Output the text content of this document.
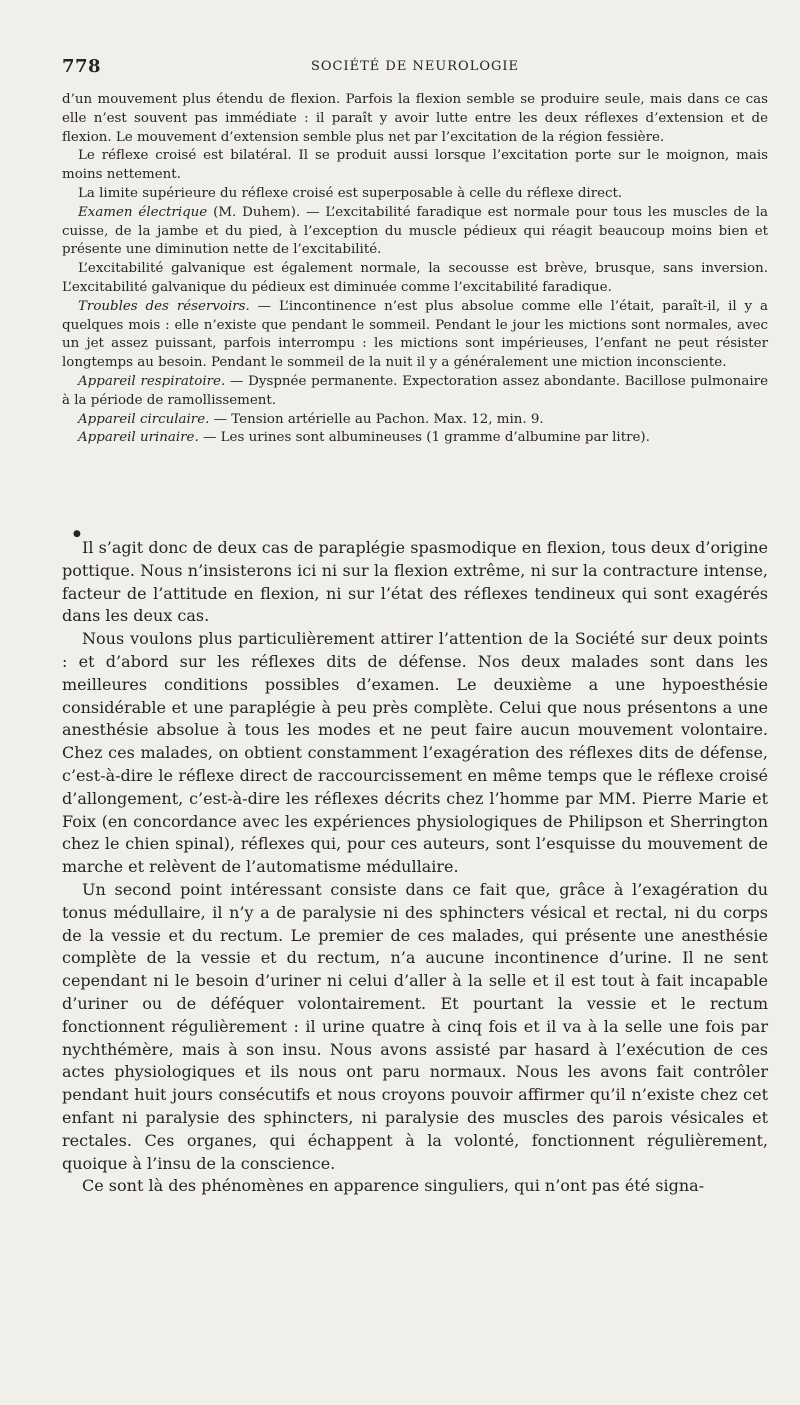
778	SOCIÉTÉ DE NEUROLOGIE

d’un mouvement plus étendu de flexion. Parfois la flexion semble se produire seule, mais dans ce cas elle n’est souvent pas immédiate : il paraît y avoir lutte entre les deux réflexes d’extension et de flexion. Le mouvement d’extension semble plus net par l’excitation de la région fessière.

Le réflexe croisé est bilatéral. Il se produit aussi lorsque l’excitation porte sur le moignon, mais moins nettement.

La limite supérieure du réflexe croisé est superposable à celle du réflexe direct.

Examen électrique (M. Duhem). — L’excitabilité faradique est normale pour tous les muscles de la cuisse, de la jambe et du pied, à l’exception du muscle pédieux qui réagit beaucoup moins bien et présente une diminution nette de l’excitabilité.

L’excitabilité galvanique est également normale, la secousse est brève, brusque, sans inversion. L’excitabilité galvanique du pédieux est diminuée comme l’excitabilité faradique.

Troubles des réservoirs. — L’incontinence n’est plus absolue comme elle l’était, paraît-il, il y a quelques mois : elle n’existe que pendant le sommeil. Pendant le jour les mictions sont normales, avec un jet assez puissant, parfois interrompu : les mictions sont impérieuses, l’enfant ne peut résister longtemps au besoin. Pendant le sommeil de la nuit il y a généralement une miction inconsciente.

Appareil respiratoire. — Dyspnée permanente. Expectoration assez abondante. Bacillose pulmonaire à la période de ramollissement.

Appareil circulaire. — Tension artérielle au Pachon. Max. 12, min. 9.

Appareil urinaire. — Les urines sont albumineuses (1 gramme d’albumine par litre).

●

Il s’agit donc de deux cas de paraplégie spasmodique en flexion, tous deux d’origine pottique. Nous n’insisterons ici ni sur la flexion extrême, ni sur la contracture intense, facteur de l’attitude en flexion, ni sur l’état des réflexes tendineux qui sont exagérés dans les deux cas.

Nous voulons plus particulièrement attirer l’attention de la Société sur deux points : et d’abord sur les réflexes dits de défense. Nos deux malades sont dans les meilleures conditions possibles d’examen. Le deuxième a une hypoesthésie considérable et une paraplégie à peu près complète. Celui que nous présentons a une anesthésie absolue à tous les modes et ne peut faire aucun mouvement volontaire. Chez ces malades, on obtient constamment l’exagération des réflexes dits de défense, c’est-à-dire le réflexe direct de raccourcissement en même temps que le réflexe croisé d’allongement, c’est-à-dire les réflexes décrits chez l’homme par MM. Pierre Marie et Foix (en concordance avec les expériences physiologiques de Philipson et Sherrington chez le chien spinal), réflexes qui, pour ces auteurs, sont l’esquisse du mouvement de marche et relèvent de l’automatisme médullaire.

Un second point intéressant consiste dans ce fait que, grâce à l’exagération du tonus médullaire, il n’y a de paralysie ni des sphincters vésical et rectal, ni du corps de la vessie et du rectum. Le premier de ces malades, qui présente une anesthésie complète de la vessie et du rectum, n’a aucune incontinence d’urine. Il ne sent cependant ni le besoin d’uriner ni celui d’aller à la selle et il est tout à fait incapable d’uriner ou de déféquer volontairement. Et pourtant la vessie et le rectum fonctionnent régulièrement : il urine quatre à cinq fois et il va à la selle une fois par nychthémère, mais à son insu. Nous avons assisté par hasard à l’exécution de ces actes physiologiques et ils nous ont paru normaux. Nous les avons fait contrôler pendant huit jours consécutifs et nous croyons pouvoir affirmer qu’il n’existe chez cet enfant ni paralysie des sphincters, ni paralysie des muscles des parois vésicales et rectales. Ces organes, qui échappent à la volonté, fonctionnent régulièrement, quoique à l’insu de la conscience.

Ce sont là des phénomènes en apparence singuliers, qui n’ont pas été signa-
